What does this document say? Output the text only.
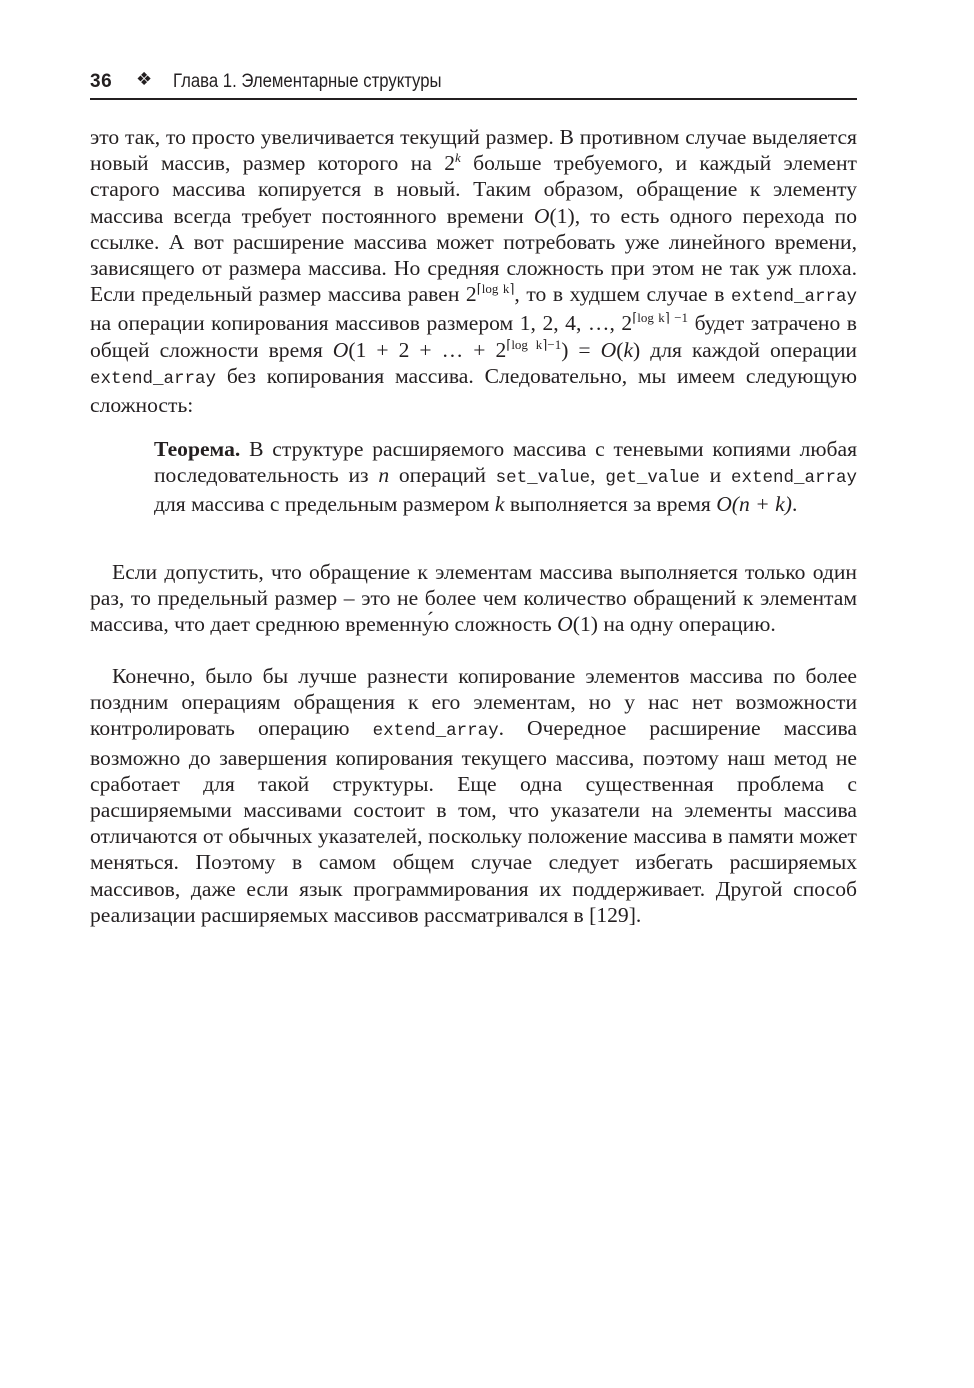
36 ❖ Глава 1. Элементарные структуры

это так, то просто увеличивается текущий размер. В противном случае выделяется новый массив, размер которого на 2$^k$ больше требуемого, и каждый элемент старого массива копируется в новый. Таким образом, обращение к элементу массива всегда требует постоянного времени O(1), то есть одного перехода по ссылке. А вот расширение массива может потребовать уже линейного времени, зависящего от размера массива. Но средняя сложность при этом не так уж плоха. Если предельный размер массива равен $2^{⌈log k⌉}$, то в худшем случае в extend_array на операции копирования массивов размером 1, 2, 4, …, $2^{⌈log k⌉ -1}$ будет затрачено в общей сложности время O(1 + 2 + … + $2^{⌈log k⌉-1}) = O(k)$ для каждой операции extend_array без копирования массива. Следовательно, мы имеем следующую сложность:

Теорема. В структуре расширяемого массива с теневыми копиями любая последовательность из n операций set_value, get_value и extend_array для массива с предельным размером k выполняется за время O(n + k).

Если допустить, что обращение к элементам массива выполняется только один раз, то предельный размер – это не более чем количество обращений к элементам массива, что дает среднюю временну́ю сложность O(1) на одну операцию.

Конечно, было бы лучше разнести копирование элементов массива по более поздним операциям обращения к его элементам, но у нас нет возможности контролировать операцию extend_array. Очередное расширение массива возможно до завершения копирования текущего массива, поэтому наш метод не сработает для такой структуры. Еще одна существенная проблема с расширяемыми массивами состоит в том, что указатели на элементы массива отличаются от обычных указателей, поскольку положение массива в памяти может меняться. Поэтому в самом общем случае следует избегать расширяемых массивов, даже если язык программирования их поддерживает. Другой способ реализации расширяемых массивов рассматривался в [129].
